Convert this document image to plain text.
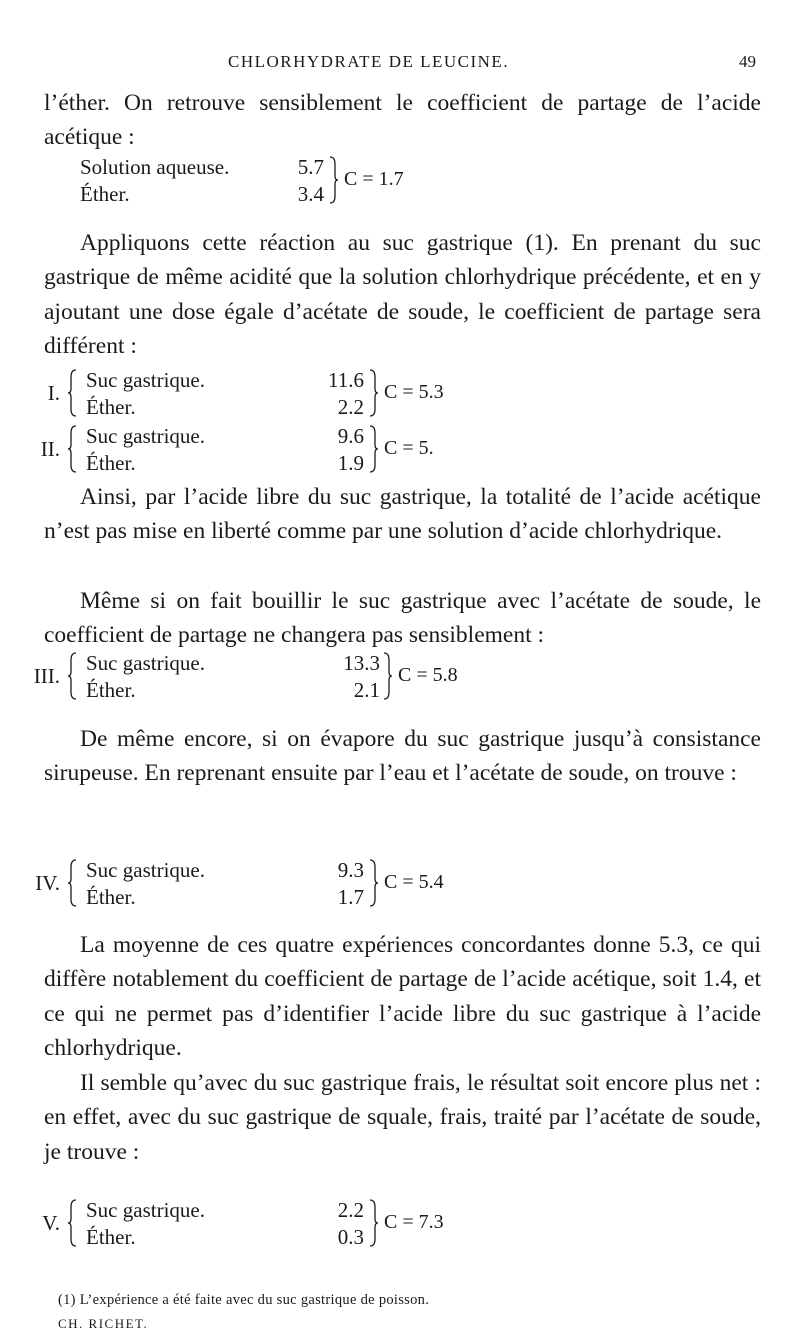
CHLORHYDRATE DE LEUCINE.	49

l’éther. On retrouve sensiblement le coefficient de partage de l’acide acétique :

Solution aqueuse.
Éther.
5.7
3.4
C = 1.7

Appliquons cette réaction au suc gastrique (1). En prenant du suc gastrique de même acidité que la solution chlorhydrique précédente, et en y ajoutant une dose égale d’acétate de soude, le coefficient de partage sera différent :

I.
Suc gastrique.
Éther.
11.6
2.2
C = 5.3
II.
Suc gastrique.
Éther.
9.6
1.9
C = 5.

Ainsi, par l’acide libre du suc gastrique, la totalité de l’acide acétique n’est pas mise en liberté comme par une solution d’acide chlorhydrique.

Même si on fait bouillir le suc gastrique avec l’acétate de soude, le coefficient de partage ne changera pas sensiblement :

III.
Suc gastrique.
Éther.
13.3
2.1
C = 5.8

De même encore, si on évapore du suc gastrique jusqu’à consistance sirupeuse. En reprenant ensuite par l’eau et l’acétate de soude, on trouve :

IV.
Suc gastrique.
Éther.
9.3
1.7
C = 5.4

La moyenne de ces quatre expériences concordantes donne 5.3, ce qui diffère notablement du coefficient de partage de l’acide acétique, soit 1.4, et ce qui ne permet pas d’identifier l’acide libre du suc gastrique à l’acide chlorhydrique.

Il semble qu’avec du suc gastrique frais, le résultat soit encore plus net : en effet, avec du suc gastrique de squale, frais, traité par l’acétate de soude, je trouve :

V.
Suc gastrique.
Éther.
2.2
0.3
C = 7.3
(1) L’expérience a été faite avec du suc gastrique de poisson.
CH. RICHET.
